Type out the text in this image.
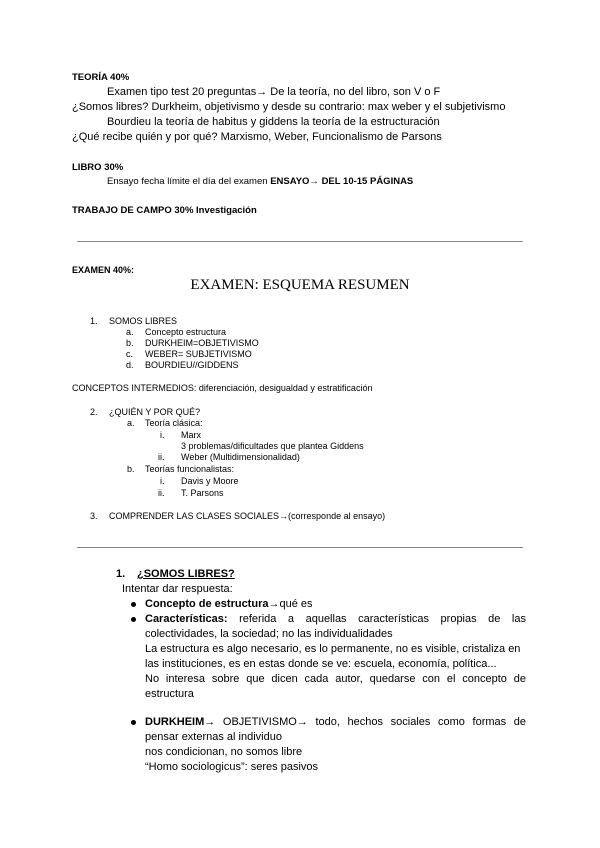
TEORÍA 40%
Examen tipo test 20 preguntas→ De la teoría, no del libro, son V o F
¿Somos libres? Durkheim, objetivismo y desde su contrario: max weber y el subjetivismo
Bourdieu la teoría de habitus y giddens la teoría de la estructuración
¿Qué recibe quién y por qué? Marxismo, Weber, Funcionalismo de Parsons
LIBRO 30%
Ensayo fecha límite el día del examen ENSAYO→ DEL 10-15 PÁGINAS
TRABAJO DE CAMPO 30% Investigación
EXAMEN 40%:
EXAMEN: ESQUEMA RESUMEN
1. SOMOS LIBRES
a. Concepto estructura
b. DURKHEIM=OBJETIVISMO
c. WEBER= SUBJETIVISMO
d. BOURDIEU//GIDDENS
CONCEPTOS INTERMEDIOS: diferenciación, desigualdad y estratificación
2. ¿QUIÉN Y POR QUÉ?
a. Teoría clásica:
i. Marx
3 problemas/dificultades que plantea Giddens
ii. Weber (Multidimensionalidad)
b. Teorías funcionalistas:
i. Davis y Moore
ii. T. Parsons
3. COMPRENDER LAS CLASES SOCIALES→(corresponde al ensayo)
1. ¿SOMOS LIBRES?
Intentar dar respuesta:
Concepto de estructura→qué es
Características: referida a aquellas características propias de las
colectividades, la sociedad; no las individualidades
La estructura es algo necesario, es lo permanente, no es visible, cristaliza en
las instituciones, es en estas donde se ve: escuela, economía, política...
No interesa sobre que dicen cada autor, quedarse con el concepto de
estructura
DURKHEIM→ OBJETIVISMO→ todo, hechos sociales como formas de
pensar externas al individuo
nos condicionan, no somos libre
“Homo sociologicus”: seres pasivos
